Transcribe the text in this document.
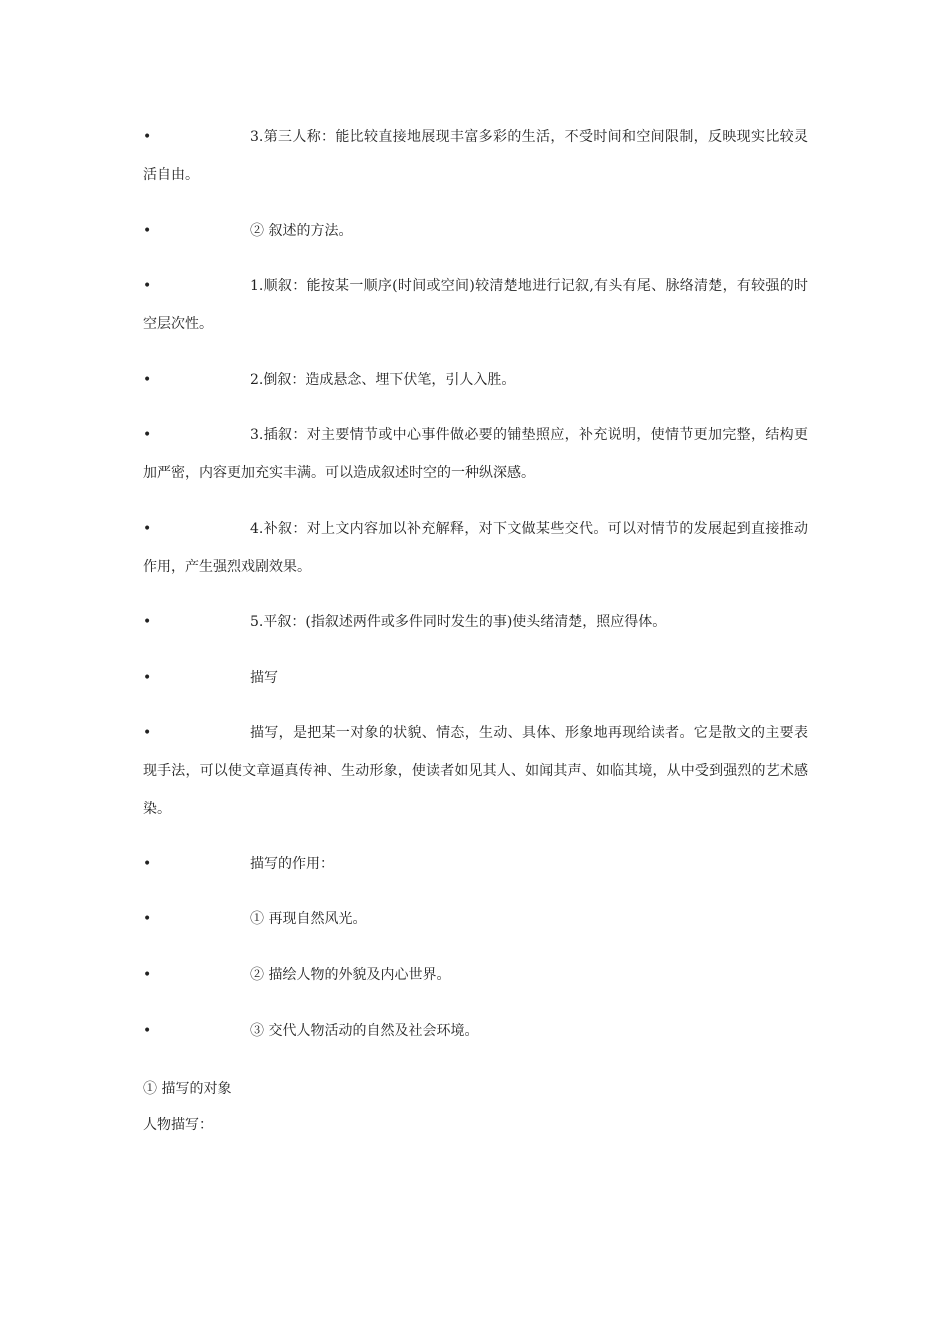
•	3.第三人称：能比较直接地展现丰富多彩的生活，不受时间和空间限制，反映现实比较灵活自由。
•	② 叙述的方法。
•	1.顺叙：能按某一顺序(时间或空间)较清楚地进行记叙,有头有尾、脉络清楚，有较强的时空层次性。
•	2.倒叙：造成悬念、埋下伏笔，引人入胜。
•	3.插叙：对主要情节或中心事件做必要的铺垫照应，补充说明，使情节更加完整，结构更加严密，内容更加充实丰满。可以造成叙述时空的一种纵深感。
•	4.补叙：对上文内容加以补充解释，对下文做某些交代。可以对情节的发展起到直接推动作用，产生强烈戏剧效果。
•	5.平叙：(指叙述两件或多件同时发生的事)使头绪清楚，照应得体。
•	描写
•	描写，是把某一对象的状貌、情态，生动、具体、形象地再现给读者。它是散文的主要表现手法，可以使文章逼真传神、生动形象，使读者如见其人、如闻其声、如临其境，从中受到强烈的艺术感染。
•	描写的作用：
•	① 再现自然风光。
•	② 描绘人物的外貌及内心世界。
•	③ 交代人物活动的自然及社会环境。
① 描写的对象
人物描写：
